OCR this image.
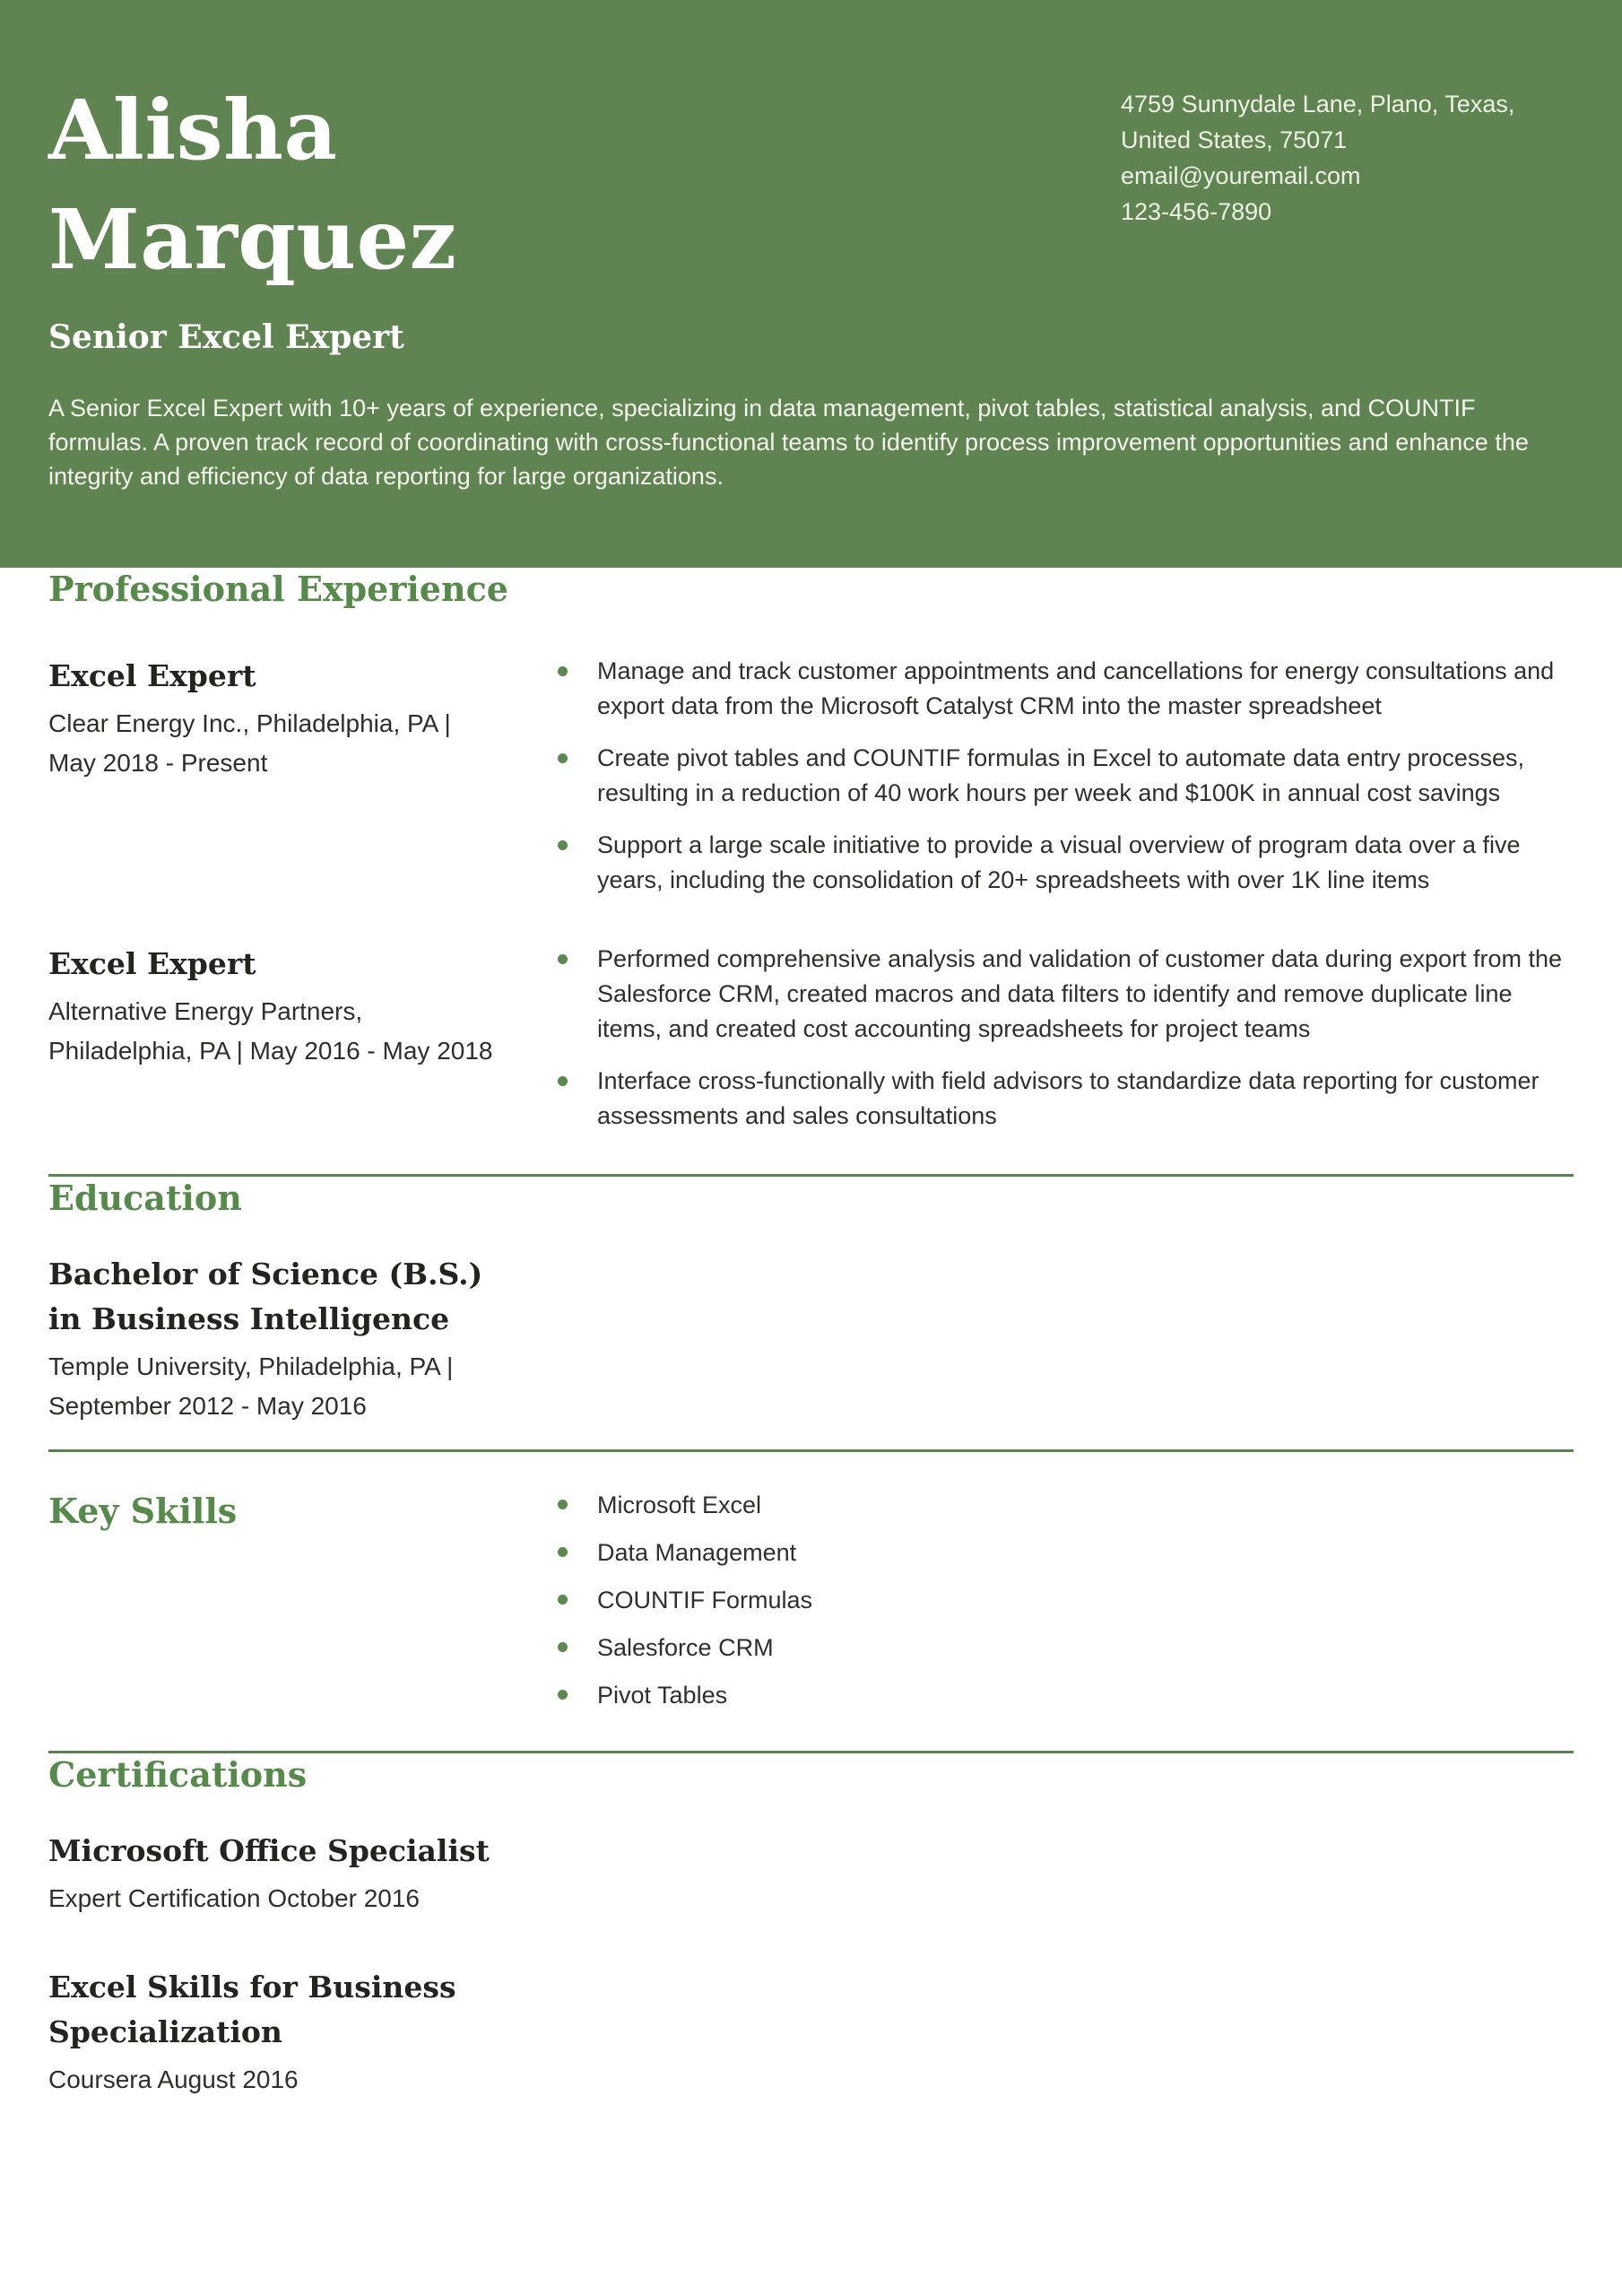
Alisha Marquez
4759 Sunnydale Lane, Plano, Texas,
United States, 75071
email@youremail.com
123-456-7890
Senior Excel Expert

A Senior Excel Expert with 10+ years of experience, specializing in data management, pivot tables, statistical analysis, and COUNTIF formulas. A proven track record of coordinating with cross-functional teams to identify process improvement opportunities and enhance the integrity and efficiency of data reporting for large organizations.

Professional Experience
Excel Expert

Clear Energy Inc., Philadelphia, PA | May 2018 - Present

Manage and track customer appointments and cancellations for energy consultations and export data from the Microsoft Catalyst CRM into the master spreadsheet
Create pivot tables and COUNTIF formulas in Excel to automate data entry processes, resulting in a reduction of 40 work hours per week and $100K in annual cost savings
Support a large scale initiative to provide a visual overview of program data over a five years, including the consolidation of 20+ spreadsheets with over 1K line items
Excel Expert

Alternative Energy Partners, Philadelphia, PA | May 2016 - May 2018

Performed comprehensive analysis and validation of customer data during export from the Salesforce CRM, created macros and data filters to identify and remove duplicate line items, and created cost accounting spreadsheets for project teams
Interface cross-functionally with field advisors to standardize data reporting for customer assessments and sales consultations
Education
Bachelor of Science (B.S.) in Business Intelligence

Temple University, Philadelphia, PA | September 2012 - May 2016

Key Skills	Microsoft Excel
Data Management
COUNTIF Formulas
Salesforce CRM
Pivot Tables
Certifications
Microsoft Office Specialist

Expert Certification October 2016

Excel Skills for Business Specialization

Coursera August 2016
